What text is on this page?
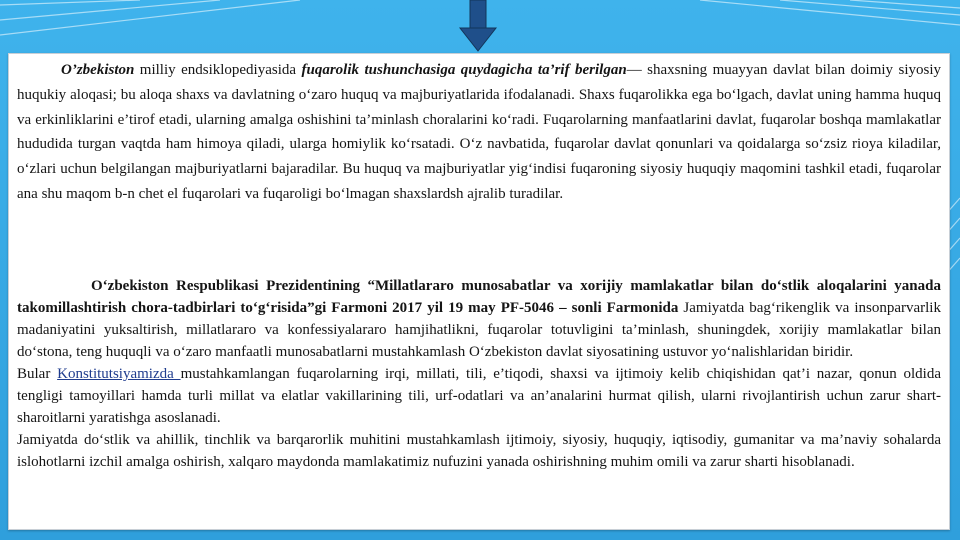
O’zbekiston milliy endsiklopediyasida fuqarolik tushunchasiga quydagicha ta’rif berilgan— shaxsning muayyan davlat bilan doimiy siyosiy huqukiy aloqasi; bu aloqa shaxs va davlatning o‘zaro huquq va majburiyatlarida ifodalanadi. Shaxs fuqarolikka ega bo‘lgach, davlat uning hamma huquq va erkinliklarini e’tirof etadi, ularning amalga oshishini ta’minlash choralarini ko‘radi. Fuqarolarning manfaatlarini davlat, fuqarolar boshqa mamlakatlar hududida turgan vaqtda ham himoya qiladi, ularga homiylik ko‘rsatadi. O‘z navbatida, fuqarolar davlat qonunlari va qoidalarga so‘zsiz rioya kiladilar, o‘zlari uchun belgilangan majburiyatlarni bajaradilar. Bu huquq va majburiyatlar yig‘indisi fuqaroning siyosiy huquqiy maqomini tashkil etadi, fuqarolar ana shu maqom b-n chet el fuqarolari va fuqaroligi bo‘lmagan shaxslardsh ajralib turadilar.

O‘zbekiston Respublikasi Prezidentining “Millatlararo munosabatlar va xorijiy mamlakatlar bilan do‘stlik aloqalarini yanada takomillashtirish chora-tadbirlari to‘g‘risida”gi Farmoni 2017 yil 19 may PF-5046 – sonli Farmonida Jamiyatda bag‘rikenglik va insonparvarlik madaniyatini yuksaltirish, millatlararo va konfessiyalararo hamjihatlikni, fuqarolar totuvligini ta’minlash, shuningdek, xorijiy mamlakatlar bilan do‘stona, teng huquqli va o‘zaro manfaatli munosabatlarni mustahkamlash O‘zbekiston davlat siyosatining ustuvor yo‘nalishlaridan biridir.

Bular Konstitutsiyamizda mustahkamlangan fuqarolarning irqi, millati, tili, e’tiqodi, shaxsi va ijtimoiy kelib chiqishidan qat’i nazar, qonun oldida tengligi tamoyillari hamda turli millat va elatlar vakillarining tili, urf-odatlari va an’analarini hurmat qilish, ularni rivojlantirish uchun zarur shart-sharoitlarni yaratishga asoslanadi.

Jamiyatda do‘stlik va ahillik, tinchlik va barqarorlik muhitini mustahkamlash ijtimoiy, siyosiy, huquqiy, iqtisodiy, gumanitar va ma’naviy sohalarda islohotlarni izchil amalga oshirish, xalqaro maydonda mamlakatimiz nufuzini yanada oshirishning muhim omili va zarur sharti hisoblanadi.
